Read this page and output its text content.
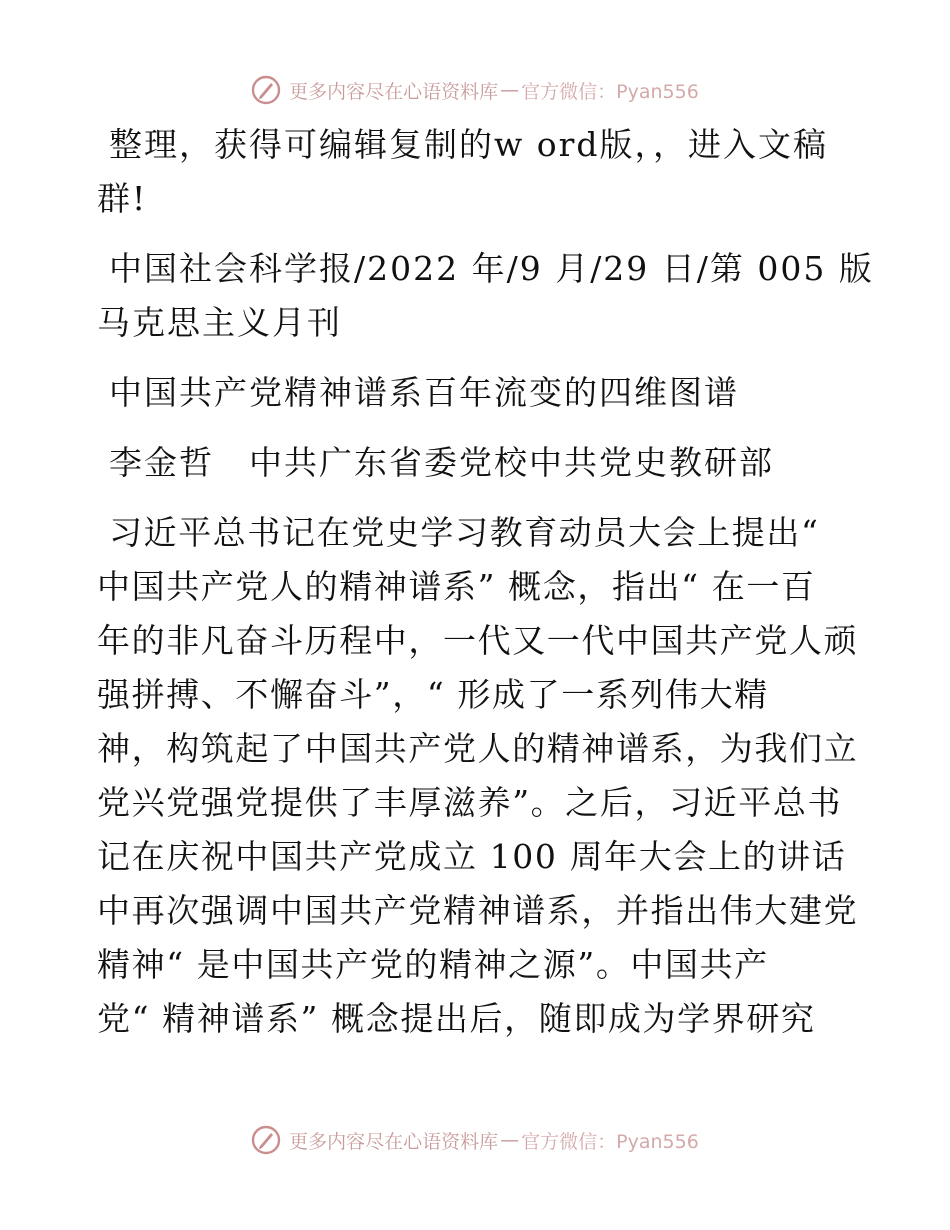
更多内容尽在心语资料库 — 官方微信：Pyan556

整理，获得可编辑复制的w ord版，，进入文稿
群!

中国社会科学报/2022 年/9 月/29 日/第 005 版
马克思主义月刊

中国共产党精神谱系百年流变的四维图谱

李金哲　中共广东省委党校中共党史教研部

习近平总书记在党史学习教育动员大会上提出“
中国共产党人的精神谱系” 概念，指出“ 在一百
年的非凡奋斗历程中，一代又一代中国共产党人顽
强拼搏、不懈奋斗”，“ 形成了一系列伟大精
神，构筑起了中国共产党人的精神谱系，为我们立
党兴党强党提供了丰厚滋养”。之后，习近平总书
记在庆祝中国共产党成立 100 周年大会上的讲话
中再次强调中国共产党精神谱系，并指出伟大建党
精神“ 是中国共产党的精神之源”。中国共产
党“ 精神谱系” 概念提出后，随即成为学界研究

更多内容尽在心语资料库 — 官方微信：Pyan556
